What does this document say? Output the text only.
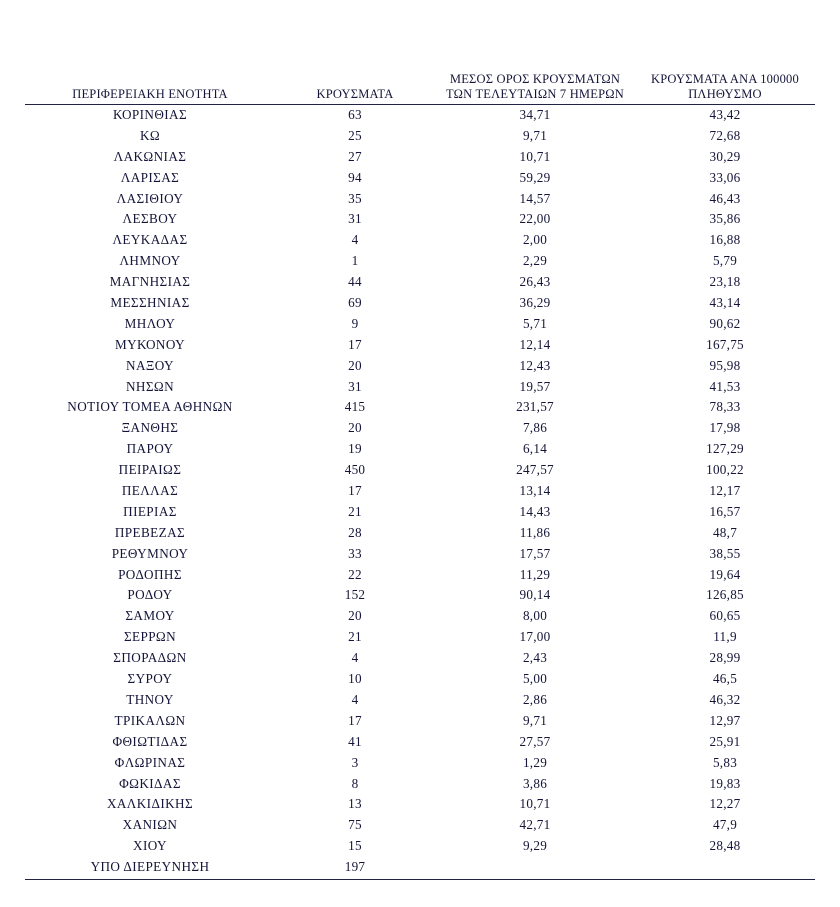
ΠΕΡΙΦΕΡΕΙΑΚΗ ΕΝΟΤΗΤΑ	ΚΡΟΥΣΜΑΤΑ	ΜΕΣΟΣ ΟΡΟΣ ΚΡΟΥΣΜΑΤΩΝ
ΤΩΝ ΤΕΛΕΥΤΑΙΩΝ 7 ΗΜΕΡΩΝ	ΚΡΟΥΣΜΑΤΑ ΑΝΑ 100000
ΠΛΗΘΥΣΜΟ

ΚΟΡΙΝΘΙΑΣ	63	34,71	43,42
ΚΩ	25	9,71	72,68
ΛΑΚΩΝΙΑΣ	27	10,71	30,29
ΛΑΡΙΣΑΣ	94	59,29	33,06
ΛΑΣΙΘΙΟΥ	35	14,57	46,43
ΛΕΣΒΟΥ	31	22,00	35,86
ΛΕΥΚΑΔΑΣ	4	2,00	16,88
ΛΗΜΝΟΥ	1	2,29	5,79
ΜΑΓΝΗΣΙΑΣ	44	26,43	23,18
ΜΕΣΣΗΝΙΑΣ	69	36,29	43,14
ΜΗΛΟΥ	9	5,71	90,62
ΜΥΚΟΝΟΥ	17	12,14	167,75
ΝΑΞΟΥ	20	12,43	95,98
ΝΗΣΩΝ	31	19,57	41,53
ΝΟΤΙΟΥ ΤΟΜΕΑ ΑΘΗΝΩΝ	415	231,57	78,33
ΞΑΝΘΗΣ	20	7,86	17,98
ΠΑΡΟΥ	19	6,14	127,29
ΠΕΙΡΑΙΩΣ	450	247,57	100,22
ΠΕΛΛΑΣ	17	13,14	12,17
ΠΙΕΡΙΑΣ	21	14,43	16,57
ΠΡΕΒΕΖΑΣ	28	11,86	48,7
ΡΕΘΥΜΝΟΥ	33	17,57	38,55
ΡΟΔΟΠΗΣ	22	11,29	19,64
ΡΟΔΟΥ	152	90,14	126,85
ΣΑΜΟΥ	20	8,00	60,65
ΣΕΡΡΩΝ	21	17,00	11,9
ΣΠΟΡΑΔΩΝ	4	2,43	28,99
ΣΥΡΟΥ	10	5,00	46,5
ΤΗΝΟΥ	4	2,86	46,32
ΤΡΙΚΑΛΩΝ	17	9,71	12,97
ΦΘΙΩΤΙΔΑΣ	41	27,57	25,91
ΦΛΩΡΙΝΑΣ	3	1,29	5,83
ΦΩΚΙΔΑΣ	8	3,86	19,83
ΧΑΛΚΙΔΙΚΗΣ	13	10,71	12,27
ΧΑΝΙΩΝ	75	42,71	47,9
ΧΙΟΥ	15	9,29	28,48
ΥΠΟ ΔΙΕΡΕΥΝΗΣΗ	197		
